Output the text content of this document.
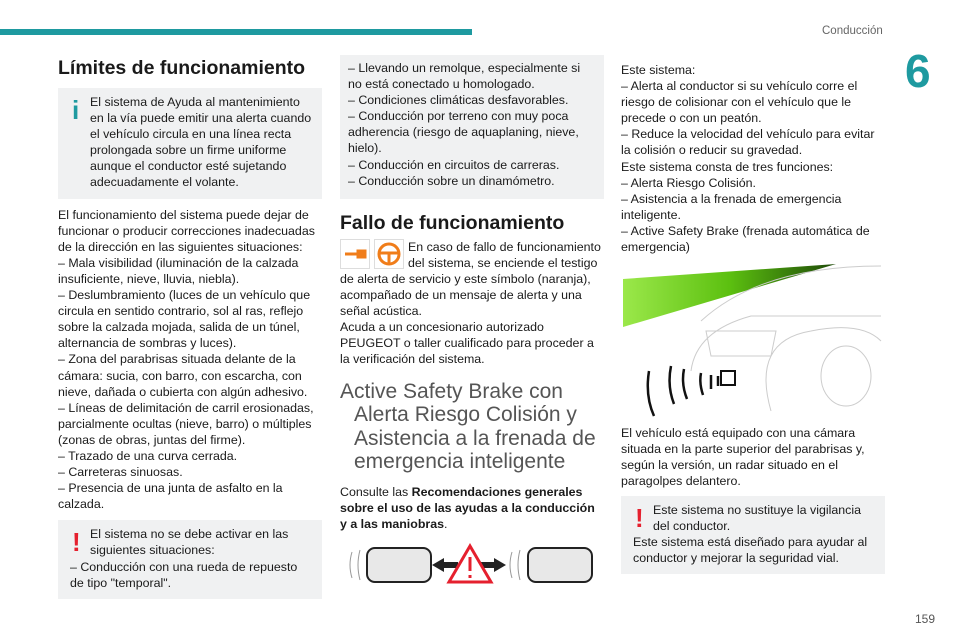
Conducción
6
Límites de funcionamiento
i El sistema de Ayuda al mantenimiento en la vía puede emitir una alerta cuando el vehículo circula en una línea recta prolongada sobre un firme uniforme aunque el conductor esté sujetando adecuadamente el volante.

El funcionamiento del sistema puede dejar de funcionar o producir correcciones inadecuadas de la dirección en las siguientes situaciones:

– Mala visibilidad (iluminación de la calzada insuficiente, nieve, lluvia, niebla).

– Deslumbramiento (luces de un vehículo que circula en sentido contrario, sol al ras, reflejo sobre la calzada mojada, salida de un túnel, alternancia de sombras y luces).

– Zona del parabrisas situada delante de la cámara: sucia, con barro, con escarcha, con nieve, dañada o cubierta con algún adhesivo.

– Líneas de delimitación de carril erosionadas, parcialmente ocultas (nieve, barro) o múltiples (zonas de obras, juntas del firme).

– Trazado de una curva cerrada.

– Carreteras sinuosas.

– Presencia de una junta de asfalto en la calzada.

! El sistema no se debe activar en las siguientes situaciones:

– Conducción con una rueda de repuesto de tipo "temporal".

– Llevando un remolque, especialmente si no está conectado u homologado.

– Condiciones climáticas desfavorables.

– Conducción por terreno con muy poca adherencia (riesgo de aquaplaning, nieve, hielo).

– Conducción en circuitos de carreras.

– Conducción sobre un dinamómetro.

Fallo de funcionamiento

En caso de fallo de funcionamiento del sistema, se enciende el testigo de alerta de servicio y este símbolo (naranja), acompañado de un mensaje de alerta y una señal acústica.

Acuda a un concesionario autorizado PEUGEOT o taller cualificado para proceder a la verificación del sistema.

Active Safety Brake con Alerta Riesgo Colisión y Asistencia a la frenada de emergencia inteligente

Consulte las Recomendaciones generales sobre el uso de las ayudas a la conducción y a las maniobras.

Este sistema:

– Alerta al conductor si su vehículo corre el riesgo de colisionar con el vehículo que le precede o con un peatón.

– Reduce la velocidad del vehículo para evitar la colisión o reducir su gravedad.

Este sistema consta de tres funciones:

– Alerta Riesgo Colisión.

– Asistencia a la frenada de emergencia inteligente.

– Active Safety Brake (frenada automática de emergencia)

El vehículo está equipado con una cámara situada en la parte superior del parabrisas y, según la versión, un radar situado en el paragolpes delantero.

! Este sistema no sustituye la vigilancia del conductor.

Este sistema está diseñado para ayudar al conductor y mejorar la seguridad vial.

159
